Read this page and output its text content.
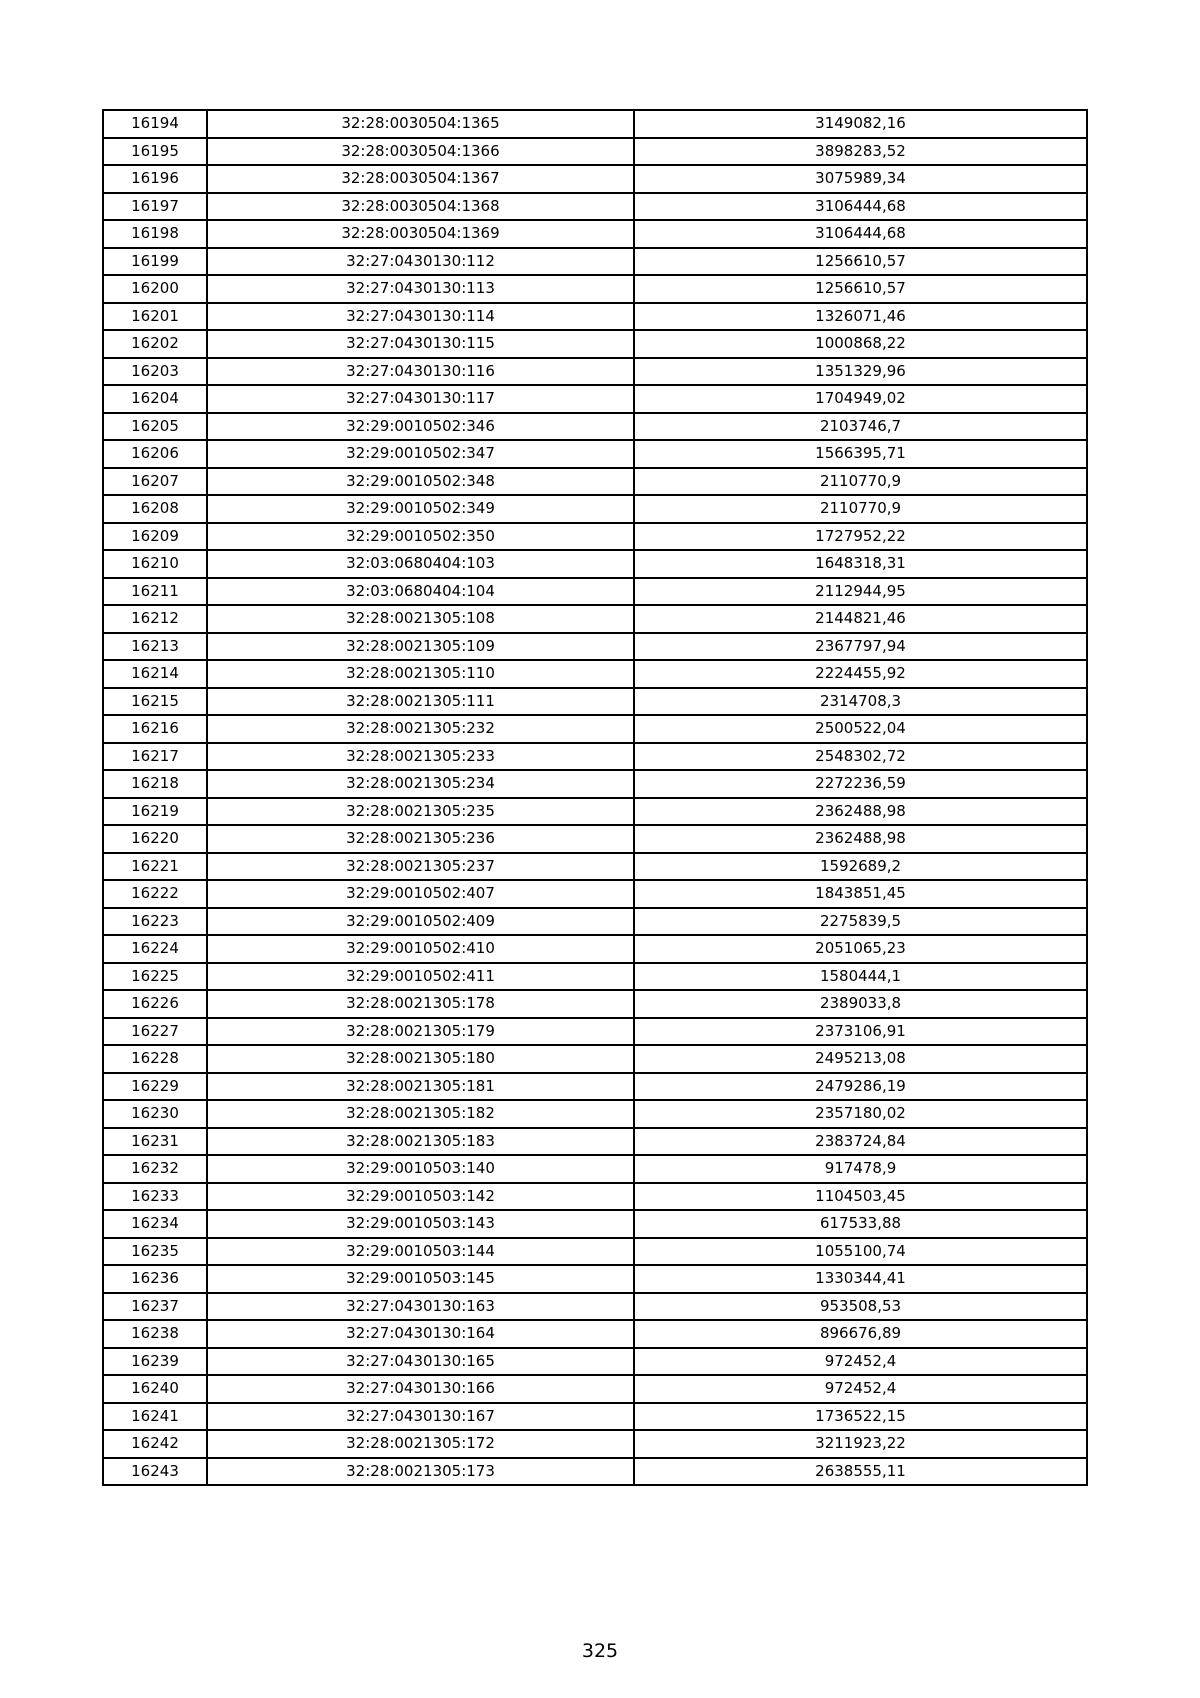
16194	32:28:0030504:1365	3149082,16
16195	32:28:0030504:1366	3898283,52
16196	32:28:0030504:1367	3075989,34
16197	32:28:0030504:1368	3106444,68
16198	32:28:0030504:1369	3106444,68
16199	32:27:0430130:112	1256610,57
16200	32:27:0430130:113	1256610,57
16201	32:27:0430130:114	1326071,46
16202	32:27:0430130:115	1000868,22
16203	32:27:0430130:116	1351329,96
16204	32:27:0430130:117	1704949,02
16205	32:29:0010502:346	2103746,7
16206	32:29:0010502:347	1566395,71
16207	32:29:0010502:348	2110770,9
16208	32:29:0010502:349	2110770,9
16209	32:29:0010502:350	1727952,22
16210	32:03:0680404:103	1648318,31
16211	32:03:0680404:104	2112944,95
16212	32:28:0021305:108	2144821,46
16213	32:28:0021305:109	2367797,94
16214	32:28:0021305:110	2224455,92
16215	32:28:0021305:111	2314708,3
16216	32:28:0021305:232	2500522,04
16217	32:28:0021305:233	2548302,72
16218	32:28:0021305:234	2272236,59
16219	32:28:0021305:235	2362488,98
16220	32:28:0021305:236	2362488,98
16221	32:28:0021305:237	1592689,2
16222	32:29:0010502:407	1843851,45
16223	32:29:0010502:409	2275839,5
16224	32:29:0010502:410	2051065,23
16225	32:29:0010502:411	1580444,1
16226	32:28:0021305:178	2389033,8
16227	32:28:0021305:179	2373106,91
16228	32:28:0021305:180	2495213,08
16229	32:28:0021305:181	2479286,19
16230	32:28:0021305:182	2357180,02
16231	32:28:0021305:183	2383724,84
16232	32:29:0010503:140	917478,9
16233	32:29:0010503:142	1104503,45
16234	32:29:0010503:143	617533,88
16235	32:29:0010503:144	1055100,74
16236	32:29:0010503:145	1330344,41
16237	32:27:0430130:163	953508,53
16238	32:27:0430130:164	896676,89
16239	32:27:0430130:165	972452,4
16240	32:27:0430130:166	972452,4
16241	32:27:0430130:167	1736522,15
16242	32:28:0021305:172	3211923,22
16243	32:28:0021305:173	2638555,11
325
